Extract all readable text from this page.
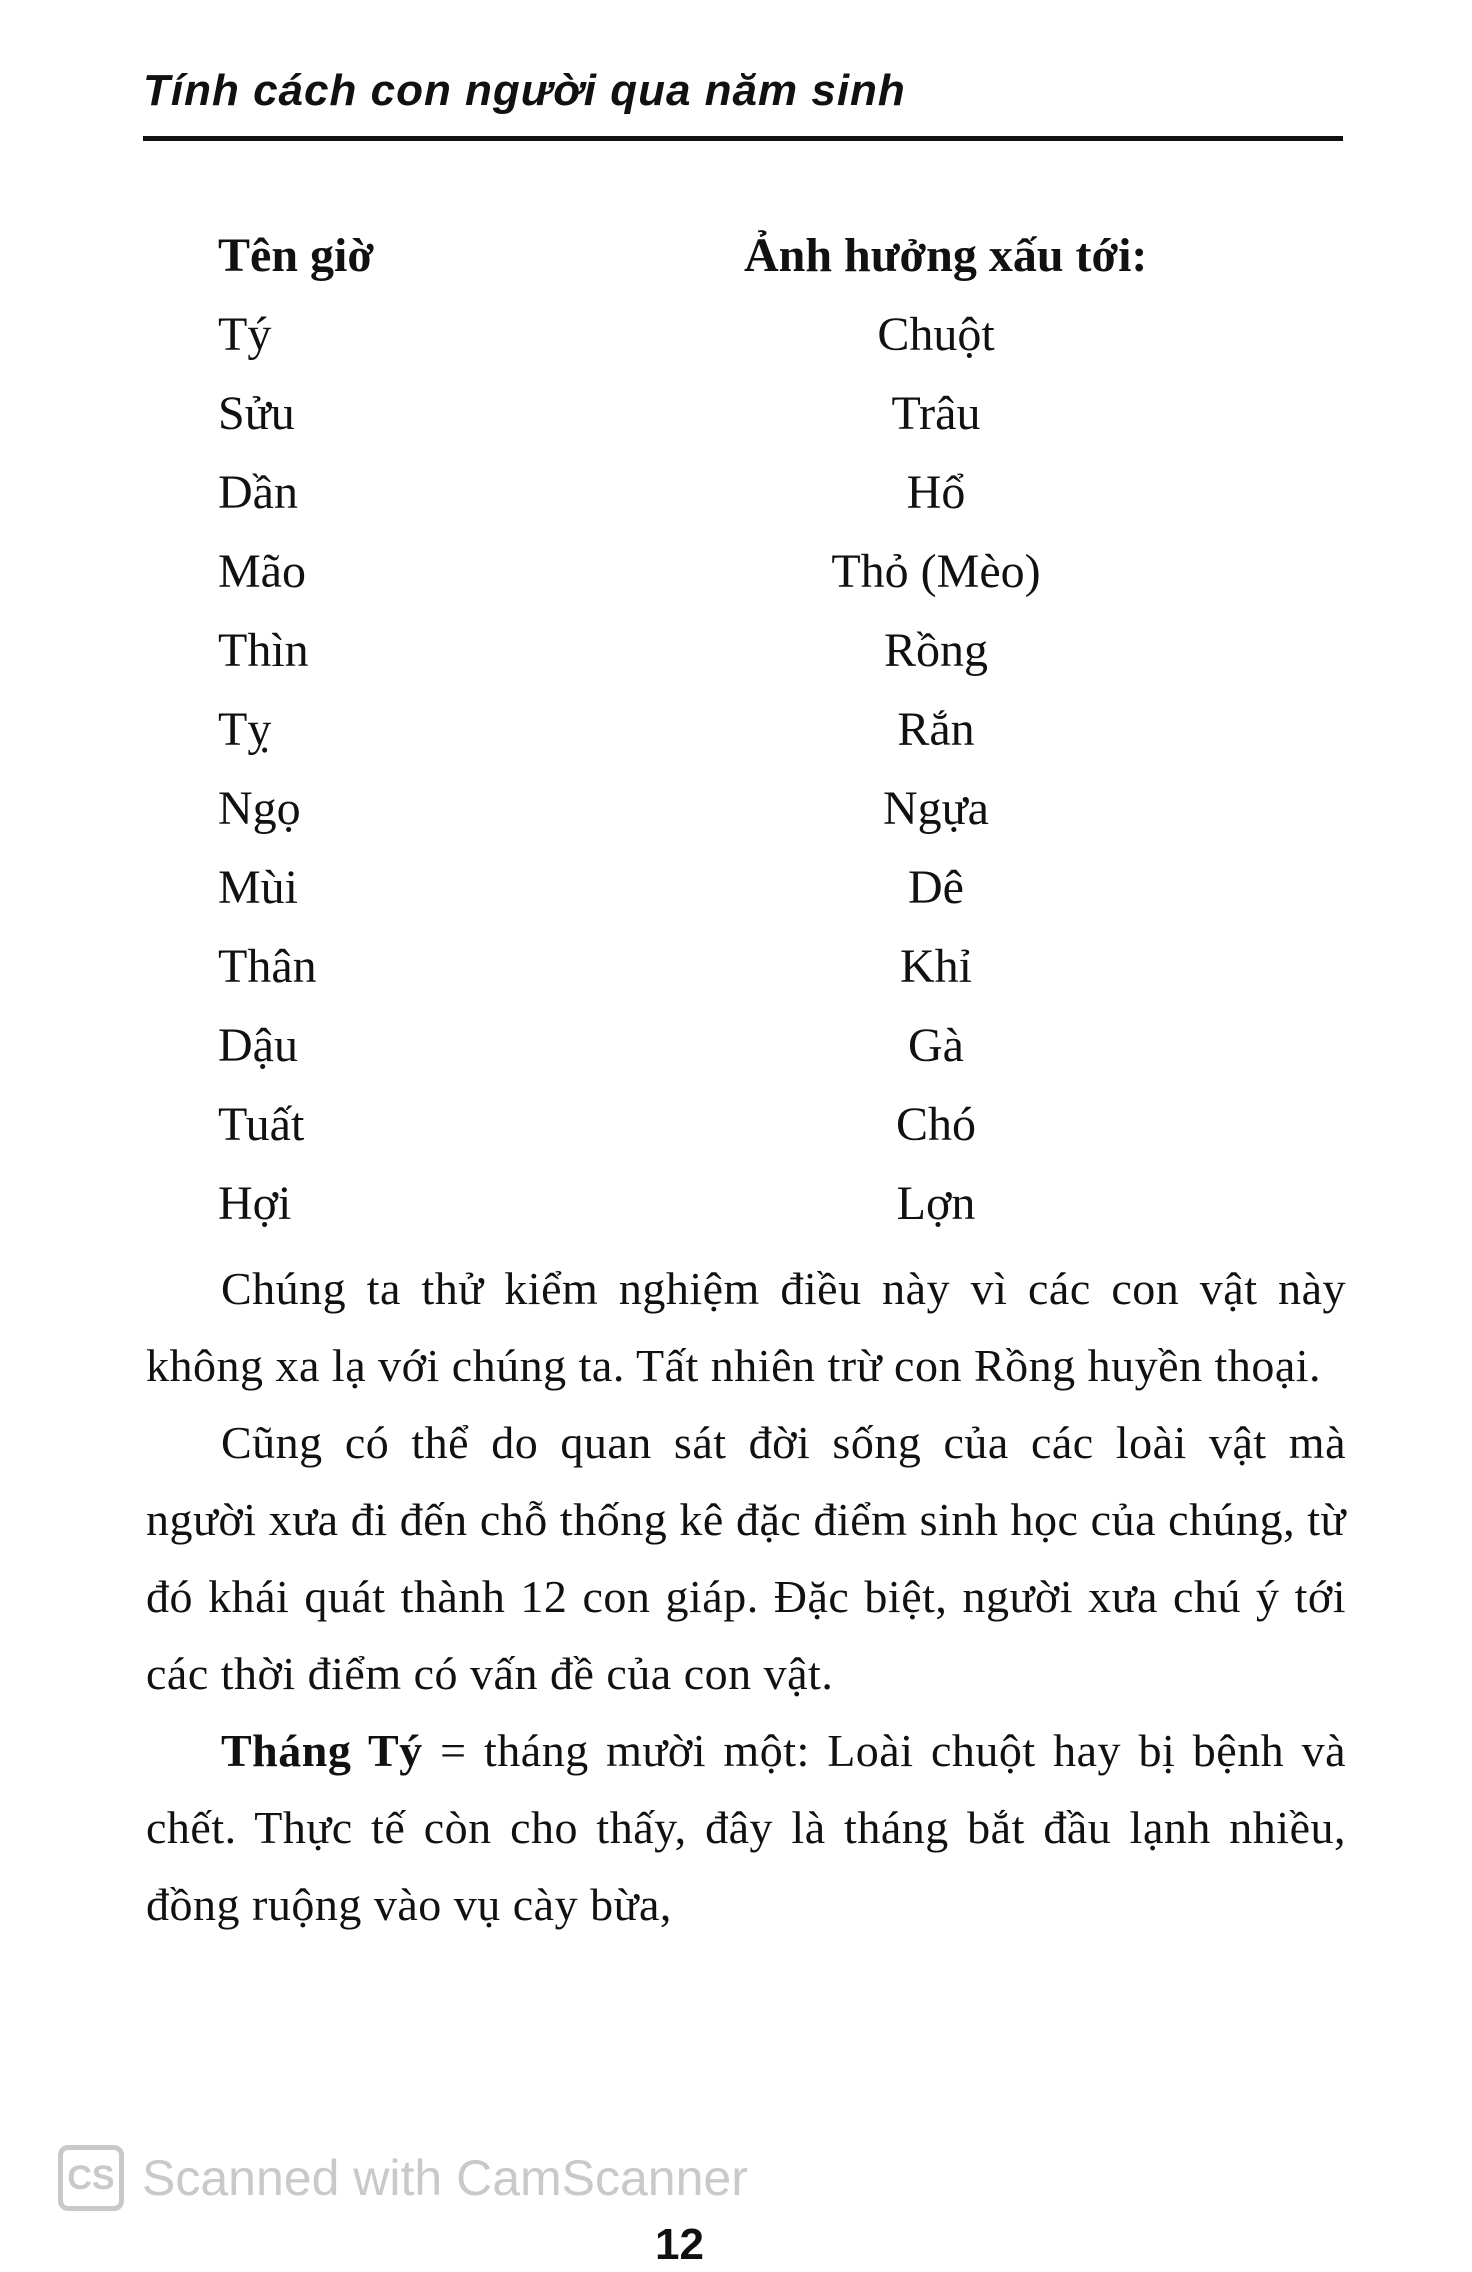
Tính cách con người qua năm sinh
Tên giờ	Ảnh hưởng xấu tới:
Tý	Chuột
Sửu	Trâu
Dần	Hổ
Mão	Thỏ (Mèo)
Thìn	Rồng
Tỵ	Rắn
Ngọ	Ngựa
Mùi	Dê
Thân	Khỉ
Dậu	Gà
Tuất	Chó
Hợi	Lợn

Chúng ta thử kiểm nghiệm điều này vì các con vật này không xa lạ với chúng ta. Tất nhiên trừ con Rồng huyền thoại.

Cũng có thể do quan sát đời sống của các loài vật mà người xưa đi đến chỗ thống kê đặc điểm sinh học của chúng, từ đó khái quát thành 12 con giáp. Đặc biệt, người xưa chú ý tới các thời điểm có vấn đề của con vật.

Tháng Tý = tháng mười một: Loài chuột hay bị bệnh và chết. Thực tế còn cho thấy, đây là tháng bắt đầu lạnh nhiều, đồng ruộng vào vụ cày bừa,

CS Scanned with CamScanner
12
